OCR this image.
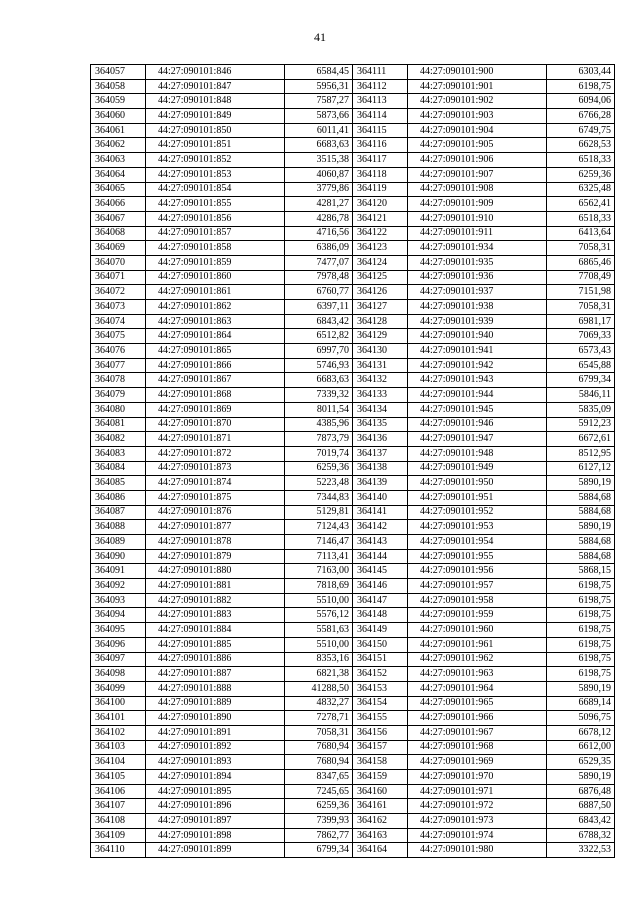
41
364057	44:27:090101:846	6584,45
364058	44:27:090101:847	5956,31
364059	44:27:090101:848	7587,27
364060	44:27:090101:849	5873,66
364061	44:27:090101:850	6011,41
364062	44:27:090101:851	6683,63
364063	44:27:090101:852	3515,38
364064	44:27:090101:853	4060,87
364065	44:27:090101:854	3779,86
364066	44:27:090101:855	4281,27
364067	44:27:090101:856	4286,78
364068	44:27:090101:857	4716,56
364069	44:27:090101:858	6386,09
364070	44:27:090101:859	7477,07
364071	44:27:090101:860	7978,48
364072	44:27:090101:861	6760,77
364073	44:27:090101:862	6397,11
364074	44:27:090101:863	6843,42
364075	44:27:090101:864	6512,82
364076	44:27:090101:865	6997,70
364077	44:27:090101:866	5746,93
364078	44:27:090101:867	6683,63
364079	44:27:090101:868	7339,32
364080	44:27:090101:869	8011,54
364081	44:27:090101:870	4385,96
364082	44:27:090101:871	7873,79
364083	44:27:090101:872	7019,74
364084	44:27:090101:873	6259,36
364085	44:27:090101:874	5223,48
364086	44:27:090101:875	7344,83
364087	44:27:090101:876	5129,81
364088	44:27:090101:877	7124,43
364089	44:27:090101:878	7146,47
364090	44:27:090101:879	7113,41
364091	44:27:090101:880	7163,00
364092	44:27:090101:881	7818,69
364093	44:27:090101:882	5510,00
364094	44:27:090101:883	5576,12
364095	44:27:090101:884	5581,63
364096	44:27:090101:885	5510,00
364097	44:27:090101:886	8353,16
364098	44:27:090101:887	6821,38
364099	44:27:090101:888	41288,50
364100	44:27:090101:889	4832,27
364101	44:27:090101:890	7278,71
364102	44:27:090101:891	7058,31
364103	44:27:090101:892	7680,94
364104	44:27:090101:893	7680,94
364105	44:27:090101:894	8347,65
364106	44:27:090101:895	7245,65
364107	44:27:090101:896	6259,36
364108	44:27:090101:897	7399,93
364109	44:27:090101:898	7862,77
364110	44:27:090101:899	6799,34
364111	44:27:090101:900	6303,44
364112	44:27:090101:901	6198,75
364113	44:27:090101:902	6094,06
364114	44:27:090101:903	6766,28
364115	44:27:090101:904	6749,75
364116	44:27:090101:905	6628,53
364117	44:27:090101:906	6518,33
364118	44:27:090101:907	6259,36
364119	44:27:090101:908	6325,48
364120	44:27:090101:909	6562,41
364121	44:27:090101:910	6518,33
364122	44:27:090101:911	6413,64
364123	44:27:090101:934	7058,31
364124	44:27:090101:935	6865,46
364125	44:27:090101:936	7708,49
364126	44:27:090101:937	7151,98
364127	44:27:090101:938	7058,31
364128	44:27:090101:939	6981,17
364129	44:27:090101:940	7069,33
364130	44:27:090101:941	6573,43
364131	44:27:090101:942	6545,88
364132	44:27:090101:943	6799,34
364133	44:27:090101:944	5846,11
364134	44:27:090101:945	5835,09
364135	44:27:090101:946	5912,23
364136	44:27:090101:947	6672,61
364137	44:27:090101:948	8512,95
364138	44:27:090101:949	6127,12
364139	44:27:090101:950	5890,19
364140	44:27:090101:951	5884,68
364141	44:27:090101:952	5884,68
364142	44:27:090101:953	5890,19
364143	44:27:090101:954	5884,68
364144	44:27:090101:955	5884,68
364145	44:27:090101:956	5868,15
364146	44:27:090101:957	6198,75
364147	44:27:090101:958	6198,75
364148	44:27:090101:959	6198,75
364149	44:27:090101:960	6198,75
364150	44:27:090101:961	6198,75
364151	44:27:090101:962	6198,75
364152	44:27:090101:963	6198,75
364153	44:27:090101:964	5890,19
364154	44:27:090101:965	6689,14
364155	44:27:090101:966	5096,75
364156	44:27:090101:967	6678,12
364157	44:27:090101:968	6612,00
364158	44:27:090101:969	6529,35
364159	44:27:090101:970	5890,19
364160	44:27:090101:971	6876,48
364161	44:27:090101:972	6887,50
364162	44:27:090101:973	6843,42
364163	44:27:090101:974	6788,32
364164	44:27:090101:980	3322,53
